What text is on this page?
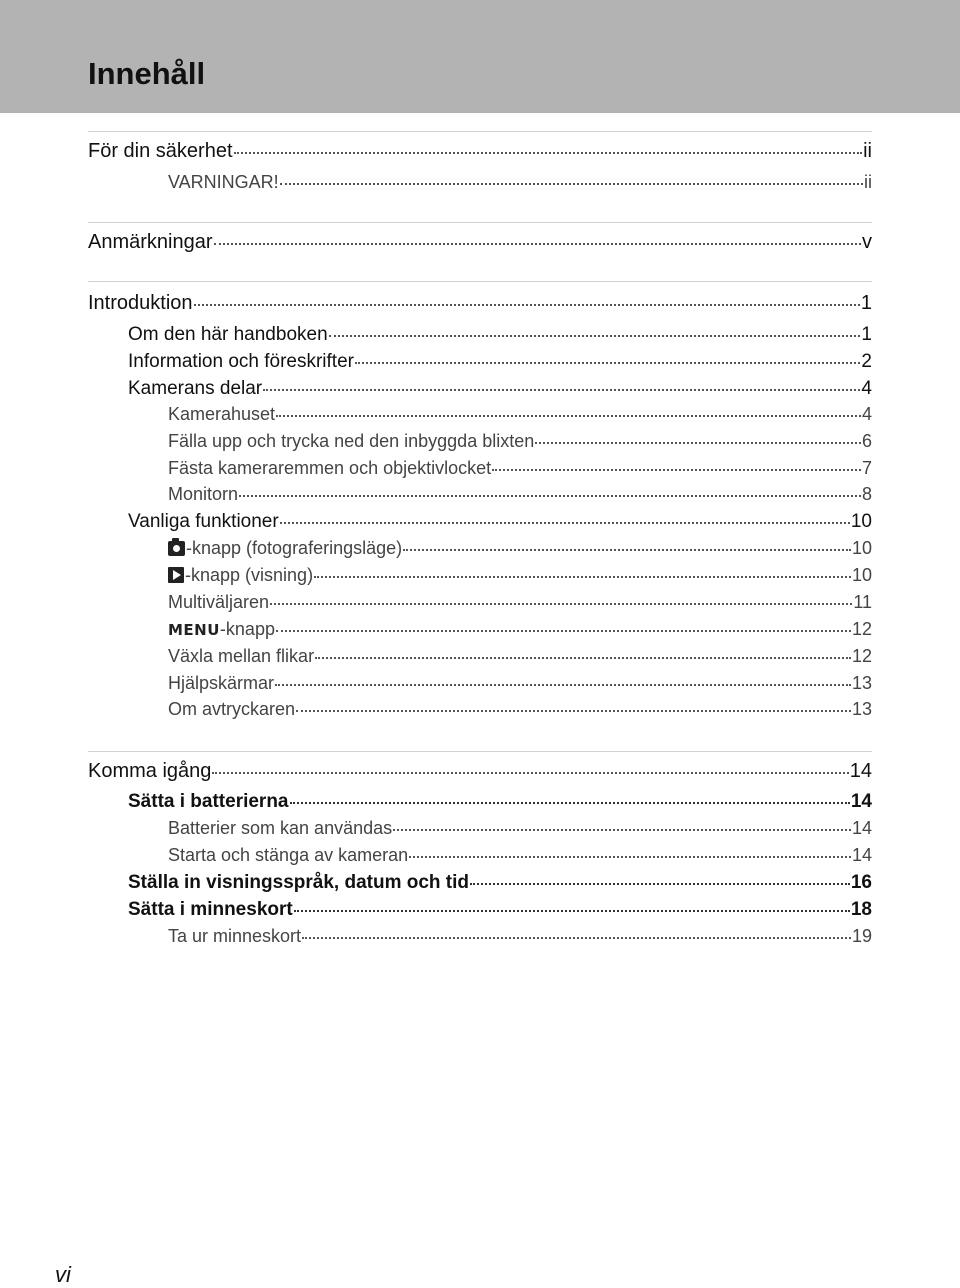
Innehåll
vi
För din säkerhet	ii
VARNINGAR!	ii
Anmärkningar	v
Introduktion	1
Om den här handboken	1
Information och föreskrifter	2
Kamerans delar	4
Kamerahuset	4
Fälla upp och trycka ned den inbyggda blixten	6
Fästa kameraremmen och objektivlocket	7
Monitorn	8
Vanliga funktioner	10
-knapp (fotograferingsläge)	10
-knapp (visning)	10
Multiväljaren	11
MENU-knapp	12
Växla mellan flikar	12
Hjälpskärmar	13
Om avtryckaren	13
Komma igång	14
Sätta i batterierna	14
Batterier som kan användas	14
Starta och stänga av kameran	14
Ställa in visningsspråk, datum och tid	16
Sätta i minneskort	18
Ta ur minneskort	19
